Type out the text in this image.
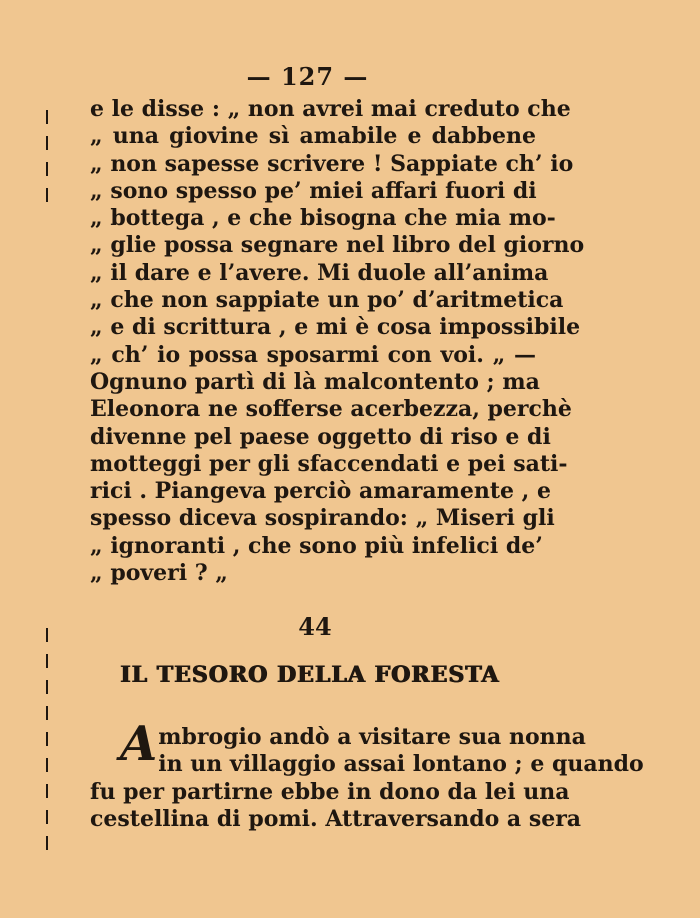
— 127 —
e le disse : „ non avrei mai creduto che
„ una giovine sì amabile e dabbene
„ non sapesse scrivere ! Sappiate ch’ io
„ sono spesso pe’ miei affari fuori di
„ bottega , e che bisogna che mia mo-
„ glie possa segnare nel libro del giorno
„ il dare e l’avere. Mi duole all’anima
„ che non sappiate un po’ d’aritmetica
„ e di scrittura , e mi è cosa impossibile
„ ch’ io possa sposarmi con voi. „ —
Ognuno partì di là malcontento ; ma
Eleonora ne sofferse acerbezza, perchè
divenne pel paese oggetto di riso e di
motteggi per gli sfaccendati e pei sati-
rici . Piangeva perciò amaramente , e
spesso diceva sospirando: „ Miseri gli
„ ignoranti , che sono più infelici de’
„ poveri ? „
44
IL TESORO DELLA FORESTA
A mbrogio andò a visitare sua nonna
in un villaggio assai lontano ; e quando
fu per partirne ebbe in dono da lei una
cestellina di pomi. Attraversando a sera
